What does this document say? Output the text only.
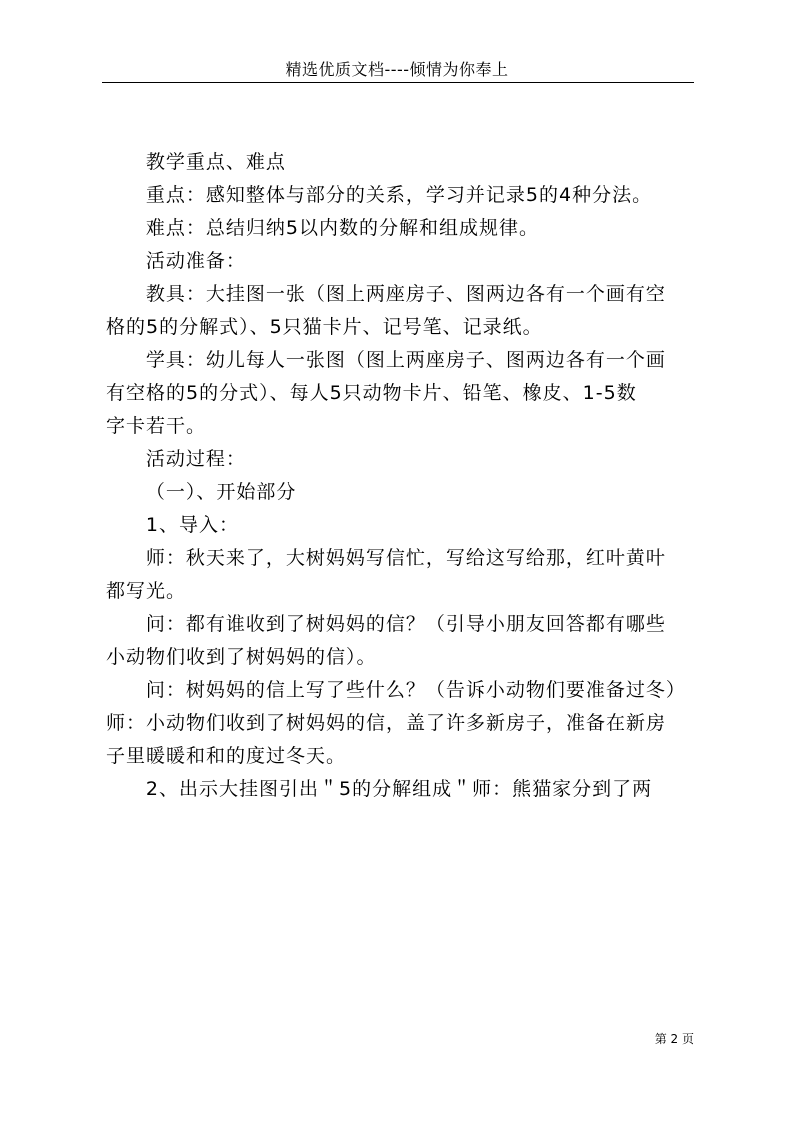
精选优质文档----倾情为你奉上

教学重点、难点

重点：感知整体与部分的关系，学习并记录5的4种分法。

难点：总结归纳5以内数的分解和组成规律。

活动准备：

教具：大挂图一张（图上两座房子、图两边各有一个画有空
格的5的分解式）、5只猫卡片、记号笔、记录纸。

学具：幼儿每人一张图（图上两座房子、图两边各有一个画
有空格的5的分式）、每人5只动物卡片、铅笔、橡皮、1-5数
字卡若干。

活动过程：

（一）、开始部分

1、导入：

师：秋天来了，大树妈妈写信忙，写给这写给那，红叶黄叶
都写光。

问：都有谁收到了树妈妈的信？（引导小朋友回答都有哪些
小动物们收到了树妈妈的信）。

问：树妈妈的信上写了些什么？（告诉小动物们要准备过冬）
师：小动物们收到了树妈妈的信，盖了许多新房子，准备在新房
子里暖暖和和的度过冬天。

2、出示大挂图引出＂5的分解组成＂师：熊猫家分到了两

第 2 页
